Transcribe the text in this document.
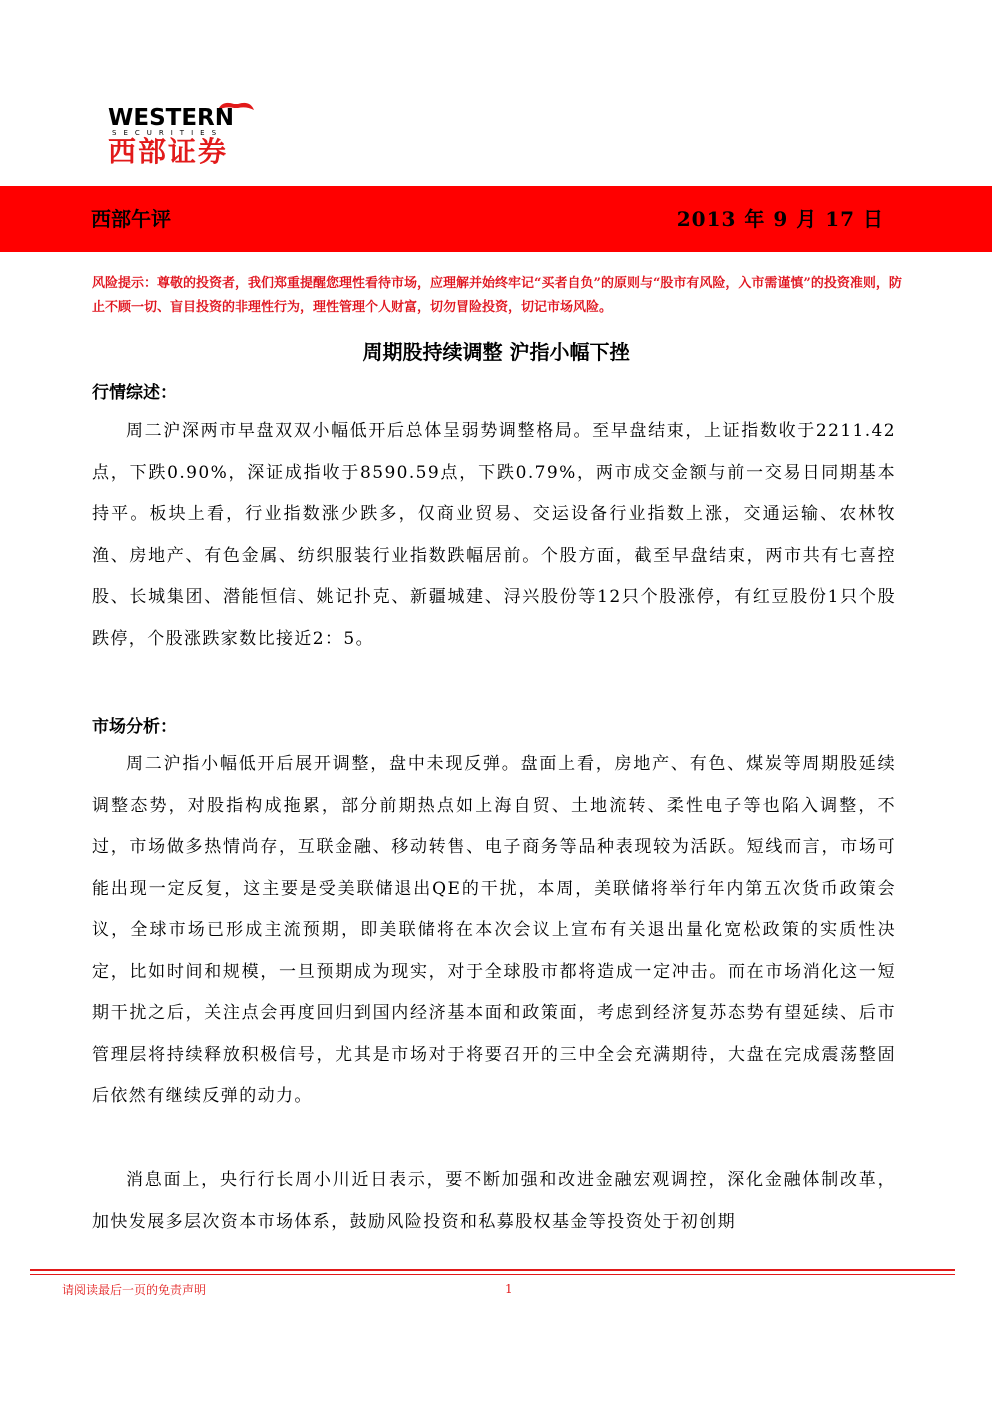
WESTERN
SECURITIES
西部证券
西部午评	2013 年 9 月 17 日
风险提示：尊敬的投资者，我们郑重提醒您理性看待市场，应理解并始终牢记“买者自负”的原则与“股市有风险，入市需谨慎”的投资准则，防止不顾一切、盲目投资的非理性行为，理性管理个人财富，切勿冒险投资，切记市场风险。
周期股持续调整 沪指小幅下挫
行情综述：

周二沪深两市早盘双双小幅低开后总体呈弱势调整格局。至早盘结束，上证指数收于2211.42点，下跌0.90%，深证成指收于8590.59点，下跌0.79%，两市成交金额与前一交易日同期基本持平。板块上看，行业指数涨少跌多，仅商业贸易、交运设备行业指数上涨，交通运输、农林牧渔、房地产、有色金属、纺织服装行业指数跌幅居前。个股方面，截至早盘结束，两市共有七喜控股、长城集团、潜能恒信、姚记扑克、新疆城建、浔兴股份等12只个股涨停，有红豆股份1只个股跌停，个股涨跌家数比接近2：5。

市场分析：

周二沪指小幅低开后展开调整，盘中未现反弹。盘面上看，房地产、有色、煤炭等周期股延续调整态势，对股指构成拖累，部分前期热点如上海自贸、土地流转、柔性电子等也陷入调整，不过，市场做多热情尚存，互联金融、移动转售、电子商务等品种表现较为活跃。短线而言，市场可能出现一定反复，这主要是受美联储退出QE的干扰，本周，美联储将举行年内第五次货币政策会议，全球市场已形成主流预期，即美联储将在本次会议上宣布有关退出量化宽松政策的实质性决定，比如时间和规模，一旦预期成为现实，对于全球股市都将造成一定冲击。而在市场消化这一短期干扰之后，关注点会再度回归到国内经济基本面和政策面，考虑到经济复苏态势有望延续、后市管理层将持续释放积极信号，尤其是市场对于将要召开的三中全会充满期待，大盘在完成震荡整固后依然有继续反弹的动力。

消息面上，央行行长周小川近日表示，要不断加强和改进金融宏观调控，深化金融体制改革，加快发展多层次资本市场体系，鼓励风险投资和私募股权基金等投资处于初创期

请阅读最后一页的免责声明	1
